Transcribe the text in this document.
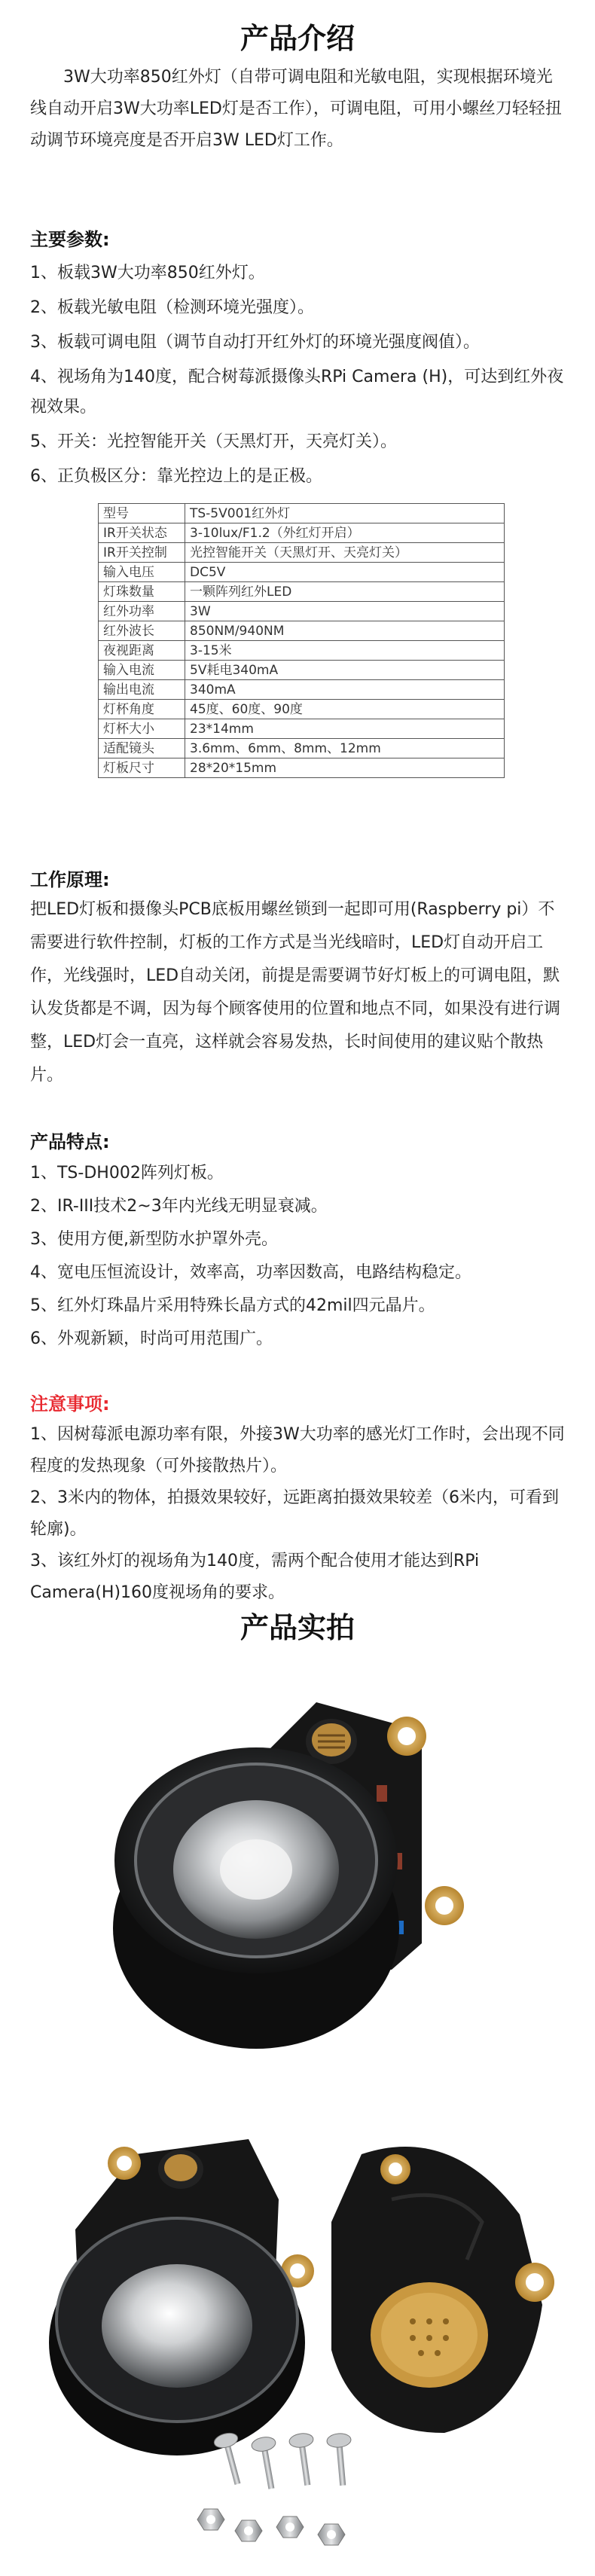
产品介绍
3W大功率850红外灯（自带可调电阻和光敏电阻，实现根据环境光线自动开启3W大功率LED灯是否工作），可调电阻，可用小螺丝刀轻轻扭动调节环境亮度是否开启3W LED灯工作。
主要参数:
1、板载3W大功率850红外灯。
2、板载光敏电阻（检测环境光强度）。
3、板载可调电阻（调节自动打开红外灯的环境光强度阀值）。
4、视场角为140度，配合树莓派摄像头RPi Camera (H)，可达到红外夜视效果。
5、开关：光控智能开关（天黑灯开，天亮灯关）。
6、正负极区分：靠光控边上的是正极。
型号	TS-5V001红外灯
IR开关状态	3-10lux/F1.2（外红灯开启）
IR开关控制	光控智能开关（天黑灯开、天亮灯关）
输入电压	DC5V
灯珠数量	一颗阵列红外LED
红外功率	3W
红外波长	850NM/940NM
夜视距离	3-15米
输入电流	5V耗电340mA
输出电流	340mA
灯杯角度	45度、60度、90度
灯杯大小	23*14mm
适配镜头	3.6mm、6mm、8mm、12mm
灯板尺寸	28*20*15mm
工作原理:
把LED灯板和摄像头PCB底板用螺丝锁到一起即可用(Raspberry pi）不需要进行软件控制，灯板的工作方式是当光线暗时，LED灯自动开启工作，光线强时，LED自动关闭，前提是需要调节好灯板上的可调电阻，默认发货都是不调，因为每个顾客使用的位置和地点不同，如果没有进行调整，LED灯会一直亮，这样就会容易发热，长时间使用的建议贴个散热片。
产品特点:
1、TS-DH002阵列灯板。
2、IR-III技术2~3年内光线无明显衰减。
3、使用方便,新型防水护罩外壳。
4、宽电压恒流设计，效率高，功率因数高，电路结构稳定。
5、红外灯珠晶片采用特殊长晶方式的42mil四元晶片。
6、外观新颖，时尚可用范围广。
注意事项:
1、因树莓派电源功率有限，外接3W大功率的感光灯工作时，会出现不同程度的发热现象（可外接散热片）。
2、3米内的物体，拍摄效果较好，远距离拍摄效果较差（6米内，可看到轮廓)。
3、该红外灯的视场角为140度，需两个配合使用才能达到RPi Camera(H)160度视场角的要求。
产品实拍
